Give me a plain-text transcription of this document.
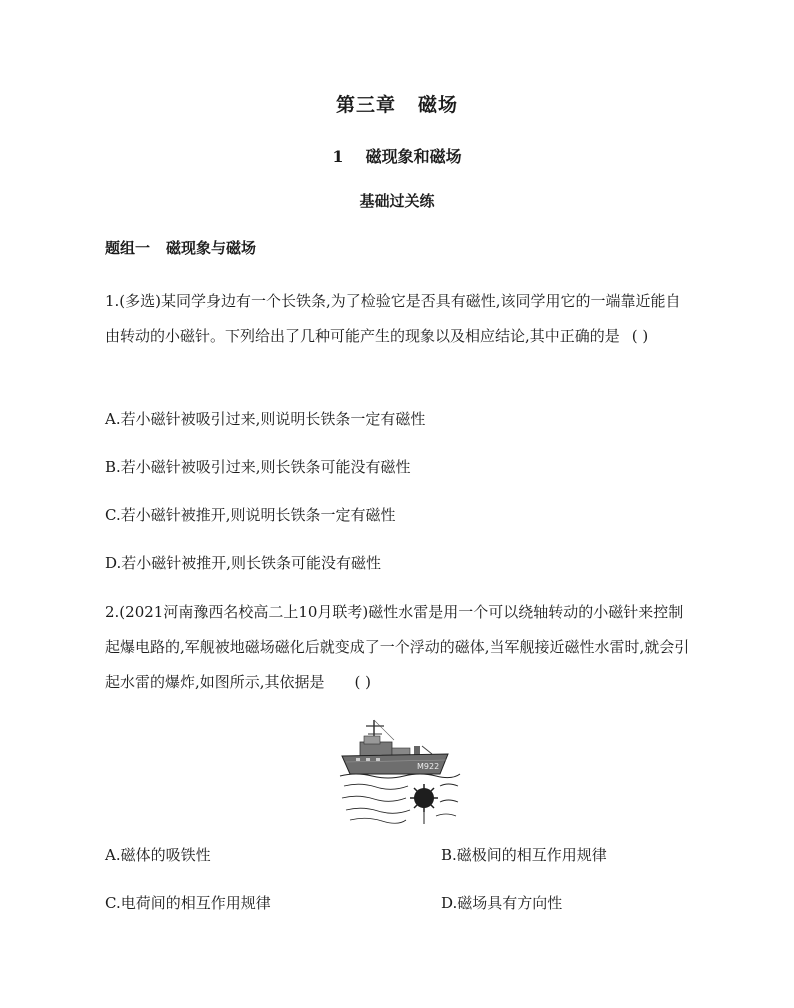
第三章 磁场
1 磁现象和磁场
基础过关练
题组一 磁现象与磁场
1.(多选)某同学身边有一个长铁条,为了检验它是否具有磁性,该同学用它的一端靠近能自由转动的小磁针。下列给出了几种可能产生的现象以及相应结论,其中正确的是 ( )
A.若小磁针被吸引过来,则说明长铁条一定有磁性
B.若小磁针被吸引过来,则长铁条可能没有磁性
C.若小磁针被推开,则说明长铁条一定有磁性
D.若小磁针被推开,则长铁条可能没有磁性
2.(2021河南豫西名校高二上10月联考)磁性水雷是用一个可以绕轴转动的小磁针来控制起爆电路的,军舰被地磁场磁化后就变成了一个浮动的磁体,当军舰接近磁性水雷时,就会引起水雷的爆炸,如图所示,其依据是 ( )
M922
A.磁体的吸铁性	B.磁极间的相互作用规律
C.电荷间的相互作用规律	D.磁场具有方向性
